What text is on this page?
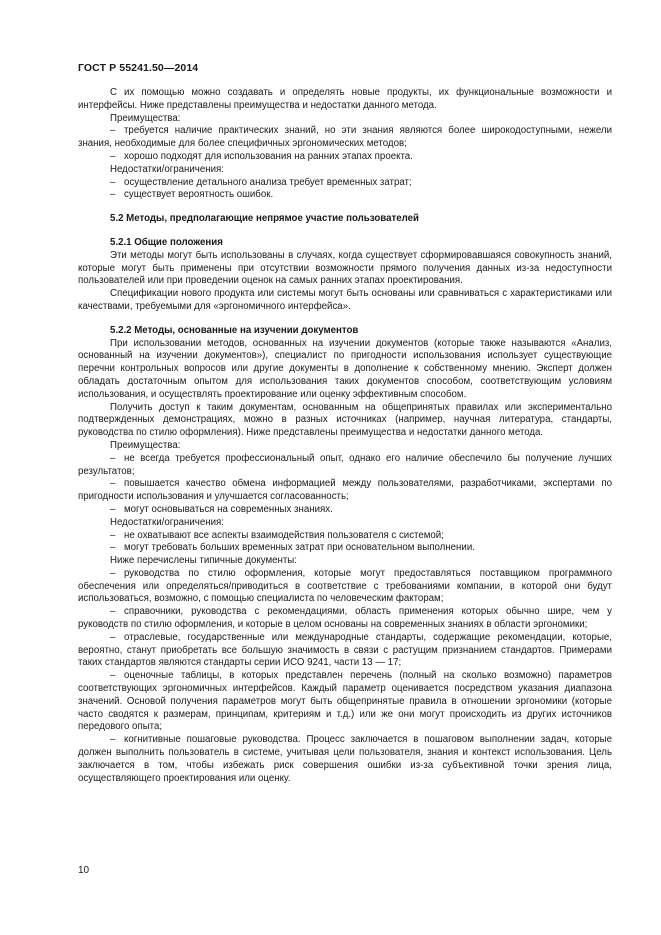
ГОСТ Р 55241.50—2014

С их помощью можно создавать и определять новые продукты, их функциональные возможности и интерфейсы. Ниже представлены преимущества и недостатки данного метода.

Преимущества:

– требуется наличие практических знаний, но эти знания являются более широкодоступными, нежели знания, необходимые для более специфичных эргономических методов;

– хорошо подходят для использования на ранних этапах проекта.

Недостатки/ограничения:

– осуществление детального анализа требует временных затрат;

– существует вероятность ошибок.

5.2 Методы, предполагающие непрямое участие пользователей
5.2.1 Общие положения

Эти методы могут быть использованы в случаях, когда существует сформировавшаяся совокупность знаний, которые могут быть применены при отсутствии возможности прямого получения данных из-за недоступности пользователей или при проведении оценок на самых ранних этапах проектирования.

Спецификации нового продукта или системы могут быть основаны или сравниваться с характеристиками или качествами, требуемыми для «эргономичного интерфейса».

5.2.2 Методы, основанные на изучении документов

При использовании методов, основанных на изучении документов (которые также называются «Анализ, основанный на изучении документов»), специалист по пригодности использования использует существующие перечни контрольных вопросов или другие документы в дополнение к собственному мнению. Эксперт должен обладать достаточным опытом для использования таких документов способом, соответствующим условиям использования, и осуществлять проектирование или оценку эффективным способом.

Получить доступ к таким документам, основанным на общепринятых правилах или экспериментально подтвержденных демонстрациях, можно в разных источниках (например, научная литература, стандарты, руководства по стилю оформления). Ниже представлены преимущества и недостатки данного метода.

Преимущества:

– не всегда требуется профессиональный опыт, однако его наличие обеспечило бы получение лучших результатов;

– повышается качество обмена информацией между пользователями, разработчиками, экспертами по пригодности использования и улучшается согласованность;

– могут основываться на современных знаниях.

Недостатки/ограничения:

– не охватывают все аспекты взаимодействия пользователя с системой;

– могут требовать больших временных затрат при основательном выполнении.

Ниже перечислены типичные документы:

– руководства по стилю оформления, которые могут предоставляться поставщиком программного обеспечения или определяться/приводиться в соответствие с требованиями компании, в которой они будут использоваться, возможно, с помощью специалиста по человеческим факторам;

– справочники, руководства с рекомендациями, область применения которых обычно шире, чем у руководств по стилю оформления, и которые в целом основаны на современных знаниях в области эргономики;

– отраслевые, государственные или международные стандарты, содержащие рекомендации, которые, вероятно, станут приобретать все большую значимость в связи с растущим признанием стандартов. Примерами таких стандартов являются стандарты серии ИСО 9241, части 13 — 17;

– оценочные таблицы, в которых представлен перечень (полный на сколько возможно) параметров соответствующих эргономичных интерфейсов. Каждый параметр оценивается посредством указания диапазона значений. Основой получения параметров могут быть общепринятые правила в отношении эргономики (которые часто сводятся к размерам, принципам, критериям и т.д.) или же они могут происходить из других источников передового опыта;

– когнитивные пошаговые руководства. Процесс заключается в пошаговом выполнении задач, которые должен выполнить пользователь в системе, учитывая цели пользователя, знания и контекст использования. Цель заключается в том, чтобы избежать риск совершения ошибки из-за субъективной точки зрения лица, осуществляющего проектирования или оценку.

10
